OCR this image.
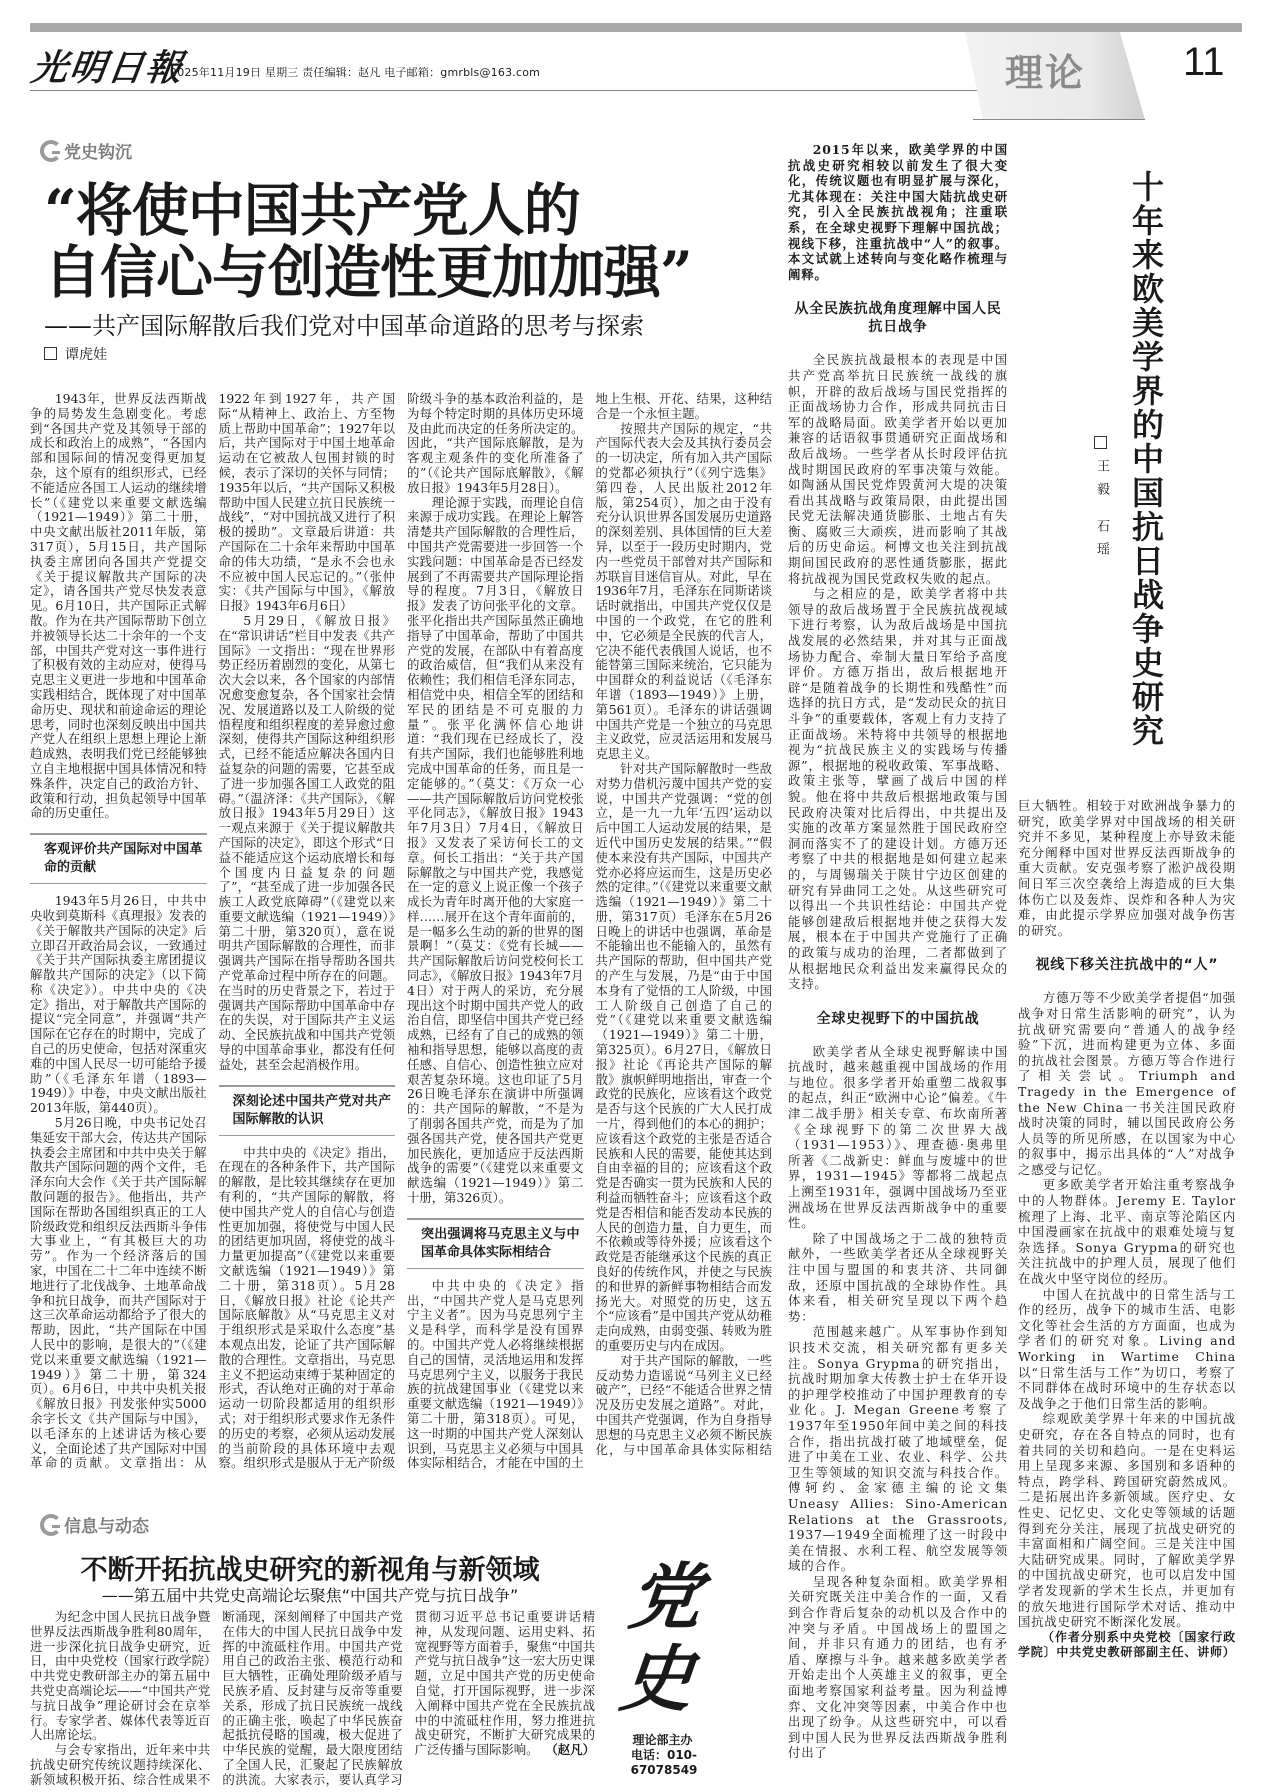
光明日報
2025年11月19日 星期三 责任编辑：赵凡 电子邮箱：gmrbls@163.com	理论 11
党史钩沉
“将使中国共产党人的
自信心与创造性更加加强”
——共产国际解散后我们党对中国革命道路的思考与探索
谭虎娃

1943年，世界反法西斯战争的局势发生急剧变化。考虑到“各国共产党及其领导干部的成长和政治上的成熟”，“各国内部和国际间的情况变得更加复杂，这个原有的组织形式，已经不能适应各国工人运动的继续增长”（《建党以来重要文献选编（1921—1949）》第二十册，中央文献出版社2011年版，第317页），5月15日，共产国际执委主席团向各国共产党提交《关于提议解散共产国际的决定》，请各国共产党尽快发表意见。6月10日，共产国际正式解散。作为在共产国际帮助下创立并被领导长达二十余年的一个支部，中国共产党对这一事件进行了积极有效的主动应对，使得马克思主义更进一步地和中国革命实践相结合，既体现了对中国革命历史、现状和前途命运的理论思考，同时也深刻反映出中国共产党人在组织上思想上理论上渐趋成熟，表明我们党已经能够独立自主地根据中国具体情况和特殊条件，决定自己的政治方针、政策和行动，担负起领导中国革命的历史重任。

客观评价共产国际对中国革命的贡献

1943年5月26日，中共中央收到莫斯科《真理报》发表的《关于解散共产国际的决定》后立即召开政治局会议，一致通过《关于共产国际执委主席团提议解散共产国际的决定》（以下简称《决定》）。中共中央的《决定》指出，对于解散共产国际的提议“完全同意”，并强调“共产国际在它存在的时期中，完成了自己的历史使命，包括对深重灾难的中国人民尽一切可能给予援助”（《毛泽东年谱（1893—1949）》中卷，中央文献出版社2013年版，第440页）。

5月26日晚，中央书记处召集延安干部大会，传达共产国际执委会主席团和中共中央关于解散共产国际问题的两个文件，毛泽东向大会作《关于共产国际解散问题的报告》。他指出，共产国际在帮助各国组织真正的工人阶级政党和组织反法西斯斗争伟大事业上，“有其极巨大的功劳”。作为一个经济落后的国家，中国在二十二年中连续不断地进行了北伐战争、土地革命战争和抗日战争，而共产国际对于这三次革命运动都给予了很大的帮助，因此，“共产国际在中国人民中的影响，是很大的”（《建党以来重要文献选编（1921—1949）》第二十册，第324页）。6月6日，中共中央机关报《解放日报》刊发张仲实5000余字长文《共产国际与中国》，以毛泽东的上述讲话为核心要义，全面论述了共产国际对中国革命的贡献。文章指出：从1922年到1927年，共产国际“从精神上、政治上、方至物质上帮助中国革命”；1927年以后，共产国际对于中国土地革命运动在它被敌人包围封锁的时候，表示了深切的关怀与同情；1935年以后，“共产国际又积极帮助中国人民建立抗日民族统一战线”，“对中国抗战又进行了积极的援助”。文章最后讲道：共产国际在二十余年来帮助中国革命的伟大功绩，“是永不会也永不应被中国人民忘记的。”（张仲实：《共产国际与中国》，《解放日报》1943年6月6日）

5月29日，《解放日报》在“常识讲话”栏目中发表《共产国际》一文指出：“现在世界形势正经历着剧烈的变化，从第七次大会以来，各个国家的内部情况愈变愈复杂，各个国家社会情况、发展道路以及工人阶级的觉悟程度和组织程度的差异愈过愈深刻，使得共产国际这种组织形式，已经不能适应解决各国内日益复杂的问题的需要，它甚至成了进一步加强各国工人政党的阻碍。”（温济泽：《共产国际》，《解放日报》1943年5月29日）这一观点来源于《关于提议解散共产国际的决定》，即这个形式“日益不能适应这个运动底增长和每个国度内日益复杂的问题了”，“甚至成了进一步加强各民族工人政党底障碍”（《建党以来重要文献选编（1921—1949）》第二十册，第320页），意在说明共产国际解散的合理性，而非强调共产国际在指导帮助各国共产党革命过程中所存在的问题。在当时的历史背景之下，若过于强调共产国际帮助中国革命中存在的失误，对于国际共产主义运动、全民族抗战和中国共产党领导的中国革命事业，都没有任何益处，甚至会起消极作用。

深刻论述中国共产党对共产国际解散的认识

中共中央的《决定》指出，在现在的各种条件下，共产国际的解散，是比较其继续存在更加有利的，“共产国际的解散，将使中国共产党人的自信心与创造性更加加强，将使党与中国人民的团结更加巩固，将使党的战斗力量更加提高”（《建党以来重要文献选编（1921—1949）》第二十册，第318页）。5月28日，《解放日报》社论《论共产国际底解散》从“马克思主义对于组织形式是采取什么态度”基本观点出发，论证了共产国际解散的合理性。文章指出，马克思主义不把运动束缚于某种固定的形式，否认绝对正确的对于革命运动一切阶段都适用的组织形式；对于组织形式要求作无条件的历史的考察，必须从运动发展的当前阶段的具体环境中去观察。组织形式是服从于无产阶级阶级斗争的基本政治利益的，是为每个特定时期的具体历史环境及由此而决定的任务所决定的。因此，“共产国际底解散，是为客观主观条件的变化所准备了的”（《论共产国际底解散》，《解放日报》1943年5月28日）。

理论源于实践，而理论自信来源于成功实践。在理论上解答清楚共产国际解散的合理性后，中国共产党需要进一步回答一个实践问题：中国革命是否已经发展到了不再需要共产国际理论指导的程度。7月3日，《解放日报》发表了访问张平化的文章。张平化指出共产国际虽然正确地指导了中国革命，帮助了中国共产党的发展，在部队中有着高度的政治威信，但“我们从来没有依赖性；我们相信毛泽东同志，相信党中央，相信全军的团结和军民的团结是不可克服的力量”。张平化满怀信心地讲道：“我们现在已经成长了，没有共产国际，我们也能够胜利地完成中国革命的任务，而且是一定能够的。”（莫艾：《万众一心——共产国际解散后访问党校张平化同志》，《解放日报》1943年7月3日）7月4日，《解放日报》又发表了采访何长工的文章。何长工指出：“关于共产国际解散之与中国共产党，我感觉在一定的意义上说正像一个孩子成长为青年时离开他的大家庭一样……展开在这个青年面前的，是一幅多么生动的新的世界的图景啊！”（莫艾：《党有长城——共产国际解散后访问党校何长工同志》，《解放日报》1943年7月4日）对于两人的采访，充分展现出这个时期中国共产党人的政治自信，即坚信中国共产党已经成熟，已经有了自己的成熟的领袖和指导思想，能够以高度的责任感、自信心、创造性独立应对艰苦复杂环境。这也印证了5月26日晚毛泽东在演讲中所强调的：共产国际的解散，“不是为了削弱各国共产党，而是为了加强各国共产党，使各国共产党更加民族化，更加适应于反法西斯战争的需要”（《建党以来重要文献选编（1921—1949）》第二十册，第326页）。

突出强调将马克思主义与中国革命具体实际相结合

中共中央的《决定》指出，“中国共产党人是马克思列宁主义者”。因为马克思列宁主义是科学，而科学是没有国界的。中国共产党人必将继续根据自己的国情，灵活地运用和发挥马克思列宁主义，以服务于我民族的抗战建国事业（《建党以来重要文献选编（1921—1949）》第二十册，第318页）。可见，这一时期的中国共产党人深刻认识到，马克思主义必须与中国具体实际相结合，才能在中国的土地上生根、开花、结果，这种结合是一个永恒主题。

按照共产国际的规定，“共产国际代表大会及其执行委员会的一切决定，所有加入共产国际的党都必须执行”（《列宁选集》第四卷，人民出版社2012年版，第254页），加之由于没有充分认识世界各国发展历史道路的深刻差别、具体国情的巨大差异，以至于一段历史时期内，党内一些党员干部曾对共产国际和苏联盲目迷信盲从。对此，早在1936年7月，毛泽东在同斯诺谈话时就指出，中国共产党仅仅是中国的一个政党，在它的胜利中，它必须是全民族的代言人，它决不能代表俄国人说话，也不能替第三国际来统治，它只能为中国群众的利益说话（《毛泽东年谱（1893—1949）》上册，第561页）。毛泽东的讲话强调中国共产党是一个独立的马克思主义政党，应灵活运用和发展马克思主义。

针对共产国际解散时一些敌对势力借机污蔑中国共产党的妄说，中国共产党强调：“党的创立，是一九一九年‘五四’运动以后中国工人运动发展的结果，是近代中国历史发展的结果。”“假使本来没有共产国际，中国共产党亦必将应运而生，这是历史必然的定律。”（《建党以来重要文献选编（1921—1949）》第二十册，第317页）毛泽东在5月26日晚上的讲话中也强调，革命是不能输出也不能输入的，虽然有共产国际的帮助，但中国共产党的产生与发展，乃是“由于中国本身有了觉悟的工人阶级，中国工人阶级自己创造了自己的党”（《建党以来重要文献选编（1921—1949）》第二十册，第325页）。6月27日，《解放日报》社论《再论共产国际的解散》旗帜鲜明地指出，审查一个政党的民族化，应该看这个政党是否与这个民族的广大人民打成一片，得到他们的本心的拥护；应该看这个政党的主张是否适合民族和人民的需要，能使其达到自由幸福的目的；应该看这个政党是否确实一贯为民族和人民的利益而牺牲奋斗；应该看这个政党是否相信和能否发动本民族的人民的创造力量，自力更生，而不依赖或等待外援；应该看这个政党是否能继承这个民族的真正良好的传统作风，并使之与民族的和世界的新鲜事物相结合而发扬光大。对照党的历史，这五个“应该看”是中国共产党从幼稚走向成熟，由弱变强、转败为胜的重要历史与内在成因。

对于共产国际的解散，一些反动势力造谣说“马列主义已经破产”，已经“不能适合世界之情况及历史发展之道路”。对此，中国共产党强调，作为自身指导思想的马克思主义必须不断民族化，与中国革命具体实际相结

十年来欧美学界的中国抗日战争史研究
王毅 石瑶

2015年以来，欧美学界的中国抗战史研究相较以前发生了很大变化，传统议题也有明显扩展与深化，尤其体现在：关注中国大陆抗战史研究，引入全民族抗战视角；注重联系，在全球史视野下理解中国抗战；视线下移，注重抗战中“人”的叙事。本文试就上述转向与变化略作梳理与阐释。

从全民族抗战角度理解中国人民抗日战争

全民族抗战最根本的表现是中国共产党高举抗日民族统一战线的旗帜，开辟的敌后战场与国民党指挥的正面战场协力合作，形成共同抗击日军的战略局面。欧美学者开始以更加兼容的话语叙事贯通研究正面战场和敌后战场。一些学者从长时段评估抗战时期国民政府的军事决策与效能。如陶涵从国民党炸毁黄河大堤的决策看出其战略与政策局限，由此提出国民党无法解决通货膨胀、土地占有失衡、腐败三大顽疾，进而影响了其战后的历史命运。柯博文也关注到抗战期间国民政府的恶性通货膨胀，据此将抗战视为国民党政权失败的起点。

与之相应的是，欧美学者将中共领导的敌后战场置于全民族抗战视域下进行考察，认为敌后战场是中国抗战发展的必然结果，并对其与正面战场协力配合、牵制大量日军给予高度评价。方德万指出，敌后根据地开辟“是随着战争的长期性和残酷性”而选择的抗日方式，是“发动民众的抗日斗争”的重要载体，客观上有力支持了正面战场。米特将中共领导的根据地视为“抗战民族主义的实践场与传播源”，根据地的税收政策、军事战略、政策主张等，擘画了战后中国的样貌。他在将中共敌后根据地政策与国民政府决策对比后得出，中共提出及实施的改革方案显然胜于国民政府空洞而落实不了的建设计划。方德万还考察了中共的根据地是如何建立起来的，与周锡瑞关于陕甘宁边区创建的研究有异曲同工之处。从这些研究可以得出一个共识性结论：中国共产党能够创建敌后根据地并使之获得大发展，根本在于中国共产党施行了正确的政策与成功的治理，二者都做到了从根据地民众利益出发来赢得民众的支持。

全球史视野下的中国抗战

欧美学者从全球史视野解读中国抗战时，越来越重视中国战场的作用与地位。很多学者开始重塑二战叙事的起点，纠正“欧洲中心论”偏差。《牛津二战手册》相关专章、布坎南所著《全球视野下的第二次世界大战（1931—1953）》、理查德·奥弗里所著《二战新史：鲜血与废墟中的世界，1931—1945》等都将二战起点上溯至1931年，强调中国战场乃至亚洲战场在世界反法西斯战争中的重要性。

除了中国战场之于二战的独特贡献外，一些欧美学者还从全球视野关注中国与盟国的和衷共济、共同御敌，还原中国抗战的全球协作性。具体来看，相关研究呈现以下两个趋势：

范围越来越广。从军事协作到知识技术交流，相关研究都有更多关注。Sonya Grypma的研究指出，抗战时期加拿大传教士护士在华开设的护理学校推动了中国护理教育的专业化。J. Megan Greene考察了1937年至1950年间中美之间的科技合作，指出抗战打破了地域壁垒，促进了中美在工业、农业、科学、公共卫生等领域的知识交流与科技合作。傅轲约、金家德主编的论文集Uneasy Allies: Sino-American Relations at the Grassroots, 1937—1949全面梳理了这一时段中美在情报、水利工程、航空发展等领域的合作。

呈现各种复杂面相。欧美学界相关研究既关注中美合作的一面，又看到合作背后复杂的动机以及合作中的冲突与矛盾。中国战场上的盟国之间，并非只有通力的团结，也有矛盾、摩擦与斗争。越来越多欧美学者开始走出个人英雄主义的叙事，更全面地考察国家利益考量。因为利益博弈、文化冲突等因素，中美合作中也出现了纷争。从这些研究中，可以看到中国人民为世界反法西斯战争胜利付出了

巨大牺牲。相较于对欧洲战争暴力的研究，欧美学界对中国战场的相关研究并不多见，某种程度上亦导致未能充分阐释中国对世界反法西斯战争的重大贡献。安克强考察了淞沪战役期间日军三次空袭给上海造成的巨大集体伤亡以及轰炸、误炸和各种人为灾难，由此提示学界应加强对战争伤害的研究。

视线下移关注抗战中的“人”

方德万等不少欧美学者提倡“加强战争对日常生活影响的研究”，认为抗战研究需要向“普通人的战争经验”下沉，进而构建更为立体、多面的抗战社会图景。方德万等合作进行了相关尝试。Triumph and Tragedy in the Emergence of the New China一书关注国民政府战时决策的同时，辅以国民政府公务人员等的所见所感，在以国家为中心的叙事中，揭示出具体的“人”对战争之感受与记忆。

更多欧美学者开始注重考察战争中的人物群体。Jeremy E. Taylor梳理了上海、北平、南京等沦陷区内中国漫画家在抗战中的艰难处境与复杂选择。Sonya Grypma的研究也关注抗战中的护理人员，展现了他们在战火中坚守岗位的经历。

中国人在抗战中的日常生活与工作的经历，战争下的城市生活、电影文化等社会生活的方方面面，也成为学者们的研究对象。Living and Working in Wartime China以“日常生活与工作”为切口，考察了不同群体在战时环境中的生存状态以及战争之于他们日常生活的影响。

综观欧美学界十年来的中国抗战史研究，存在各自特点的同时，也有着共同的关切和趋向。一是在史料运用上呈现多来源、多国别和多语种的特点，跨学科、跨国研究蔚然成风。二是拓展出许多新领域。医疗史、女性史、记忆史、文化史等领域的话题得到充分关注，展现了抗战史研究的丰富面相和广阔空间。三是关注中国大陆研究成果。同时，了解欧美学界的中国抗战史研究，也可以启发中国学者发现新的学术生长点，并更加有的放矢地进行国际学术对话、推动中国抗战史研究不断深化发展。

（作者分别系中央党校〔国家行政学院〕中共党史教研部副主任、讲师）

信息与动态
不断开拓抗战史研究的新视角与新领域
——第五届中共党史高端论坛聚焦“中国共产党与抗日战争”

为纪念中国人民抗日战争暨世界反法西斯战争胜利80周年，进一步深化抗日战争史研究，近日，由中央党校（国家行政学院）中共党史教研部主办的第五届中共党史高端论坛——“中国共产党与抗日战争”理论研讨会在京举行。专家学者、媒体代表等近百人出席论坛。

与会专家指出，近年来中共抗战史研究传统议题持续深化、新领域积极开拓、综合性成果不断涌现，深刻阐释了中国共产党在伟大的中国人民抗日战争中发挥的中流砥柱作用。中国共产党用自己的政治主张、模范行动和巨大牺牲，正确处理阶级矛盾与民族矛盾、反封建与反帝等重要关系，形成了抗日民族统一战线的正确主张，唤起了中华民族奋起抵抗侵略的国魂，极大促进了中华民族的觉醒，最大限度团结了全国人民，汇聚起了民族解放的洪流。大家表示，要认真学习贯彻习近平总书记重要讲话精神，从发现问题、运用史料、拓宽视野等方面着手，聚焦“中国共产党与抗日战争”这一宏大历史课题，立足中国共产党的历史使命自觉，打开国际视野，进一步深入阐释中国共产党在全民族抗战中的中流砥柱作用，努力推进抗战史研究，不断扩大研究成果的广泛传播与国际影响。 （赵凡）

党
史
理论部主办
电话：010-67078549
